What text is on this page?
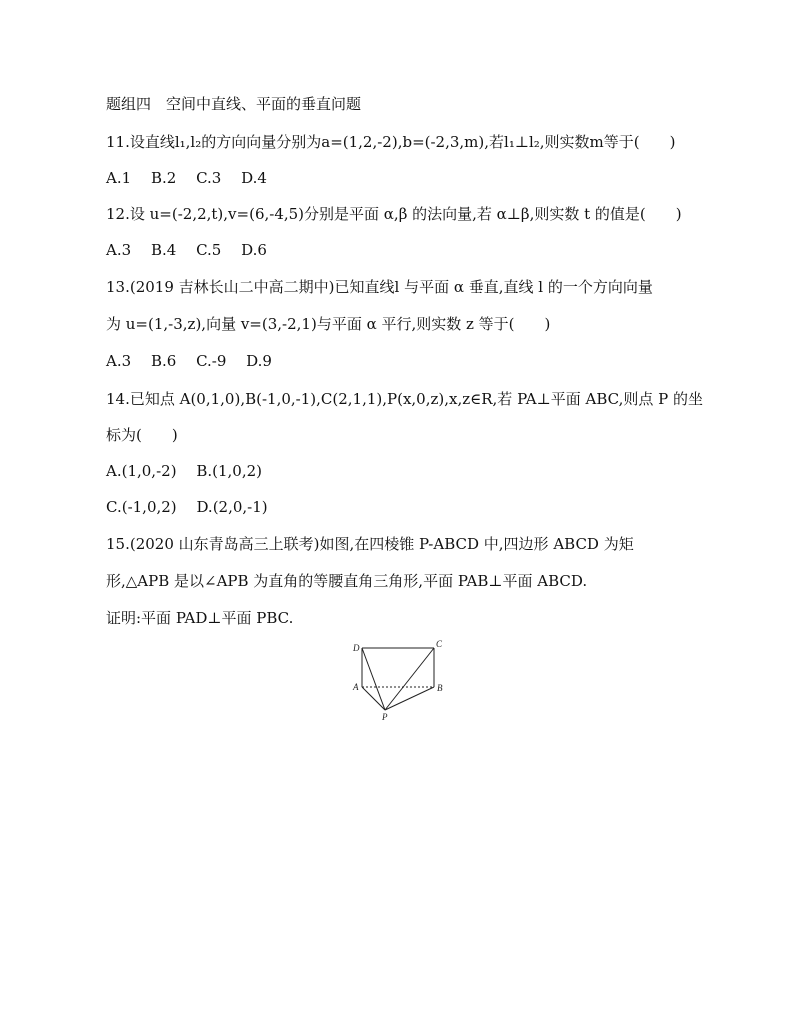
题组四　空间中直线、平面的垂直问题
11.设直线l₁,l₂的方向向量分别为a=(1,2,-2),b=(-2,3,m),若l₁⊥l₂,则实数m等于(　　)
A.1 B.2 C.3 D.4
12.设 u=(-2,2,t),v=(6,-4,5)分别是平面 α,β 的法向量,若 α⊥β,则实数 t 的值是(　　)
A.3 B.4 C.5 D.6
13.(2019 吉林长山二中高二期中)已知直线l 与平面 α 垂直,直线 l 的一个方向向量
为 u=(1,-3,z),向量 v=(3,-2,1)与平面 α 平行,则实数 z 等于(　　)
A.3 B.6 C.-9 D.9
14.已知点 A(0,1,0),B(-1,0,-1),C(2,1,1),P(x,0,z),x,z∈R,若 PA⊥平面 ABC,则点 P 的坐
标为(　　)
A.(1,0,-2) B.(1,0,2)
C.(-1,0,2) D.(2,0,-1)
15.(2020 山东青岛高三上联考)如图,在四棱锥 P-ABCD 中,四边形 ABCD 为矩
形,△APB 是以∠APB 为直角的等腰直角三角形,平面 PAB⊥平面 ABCD.
证明:平面 PAD⊥平面 PBC.
D	C
A	B
P
